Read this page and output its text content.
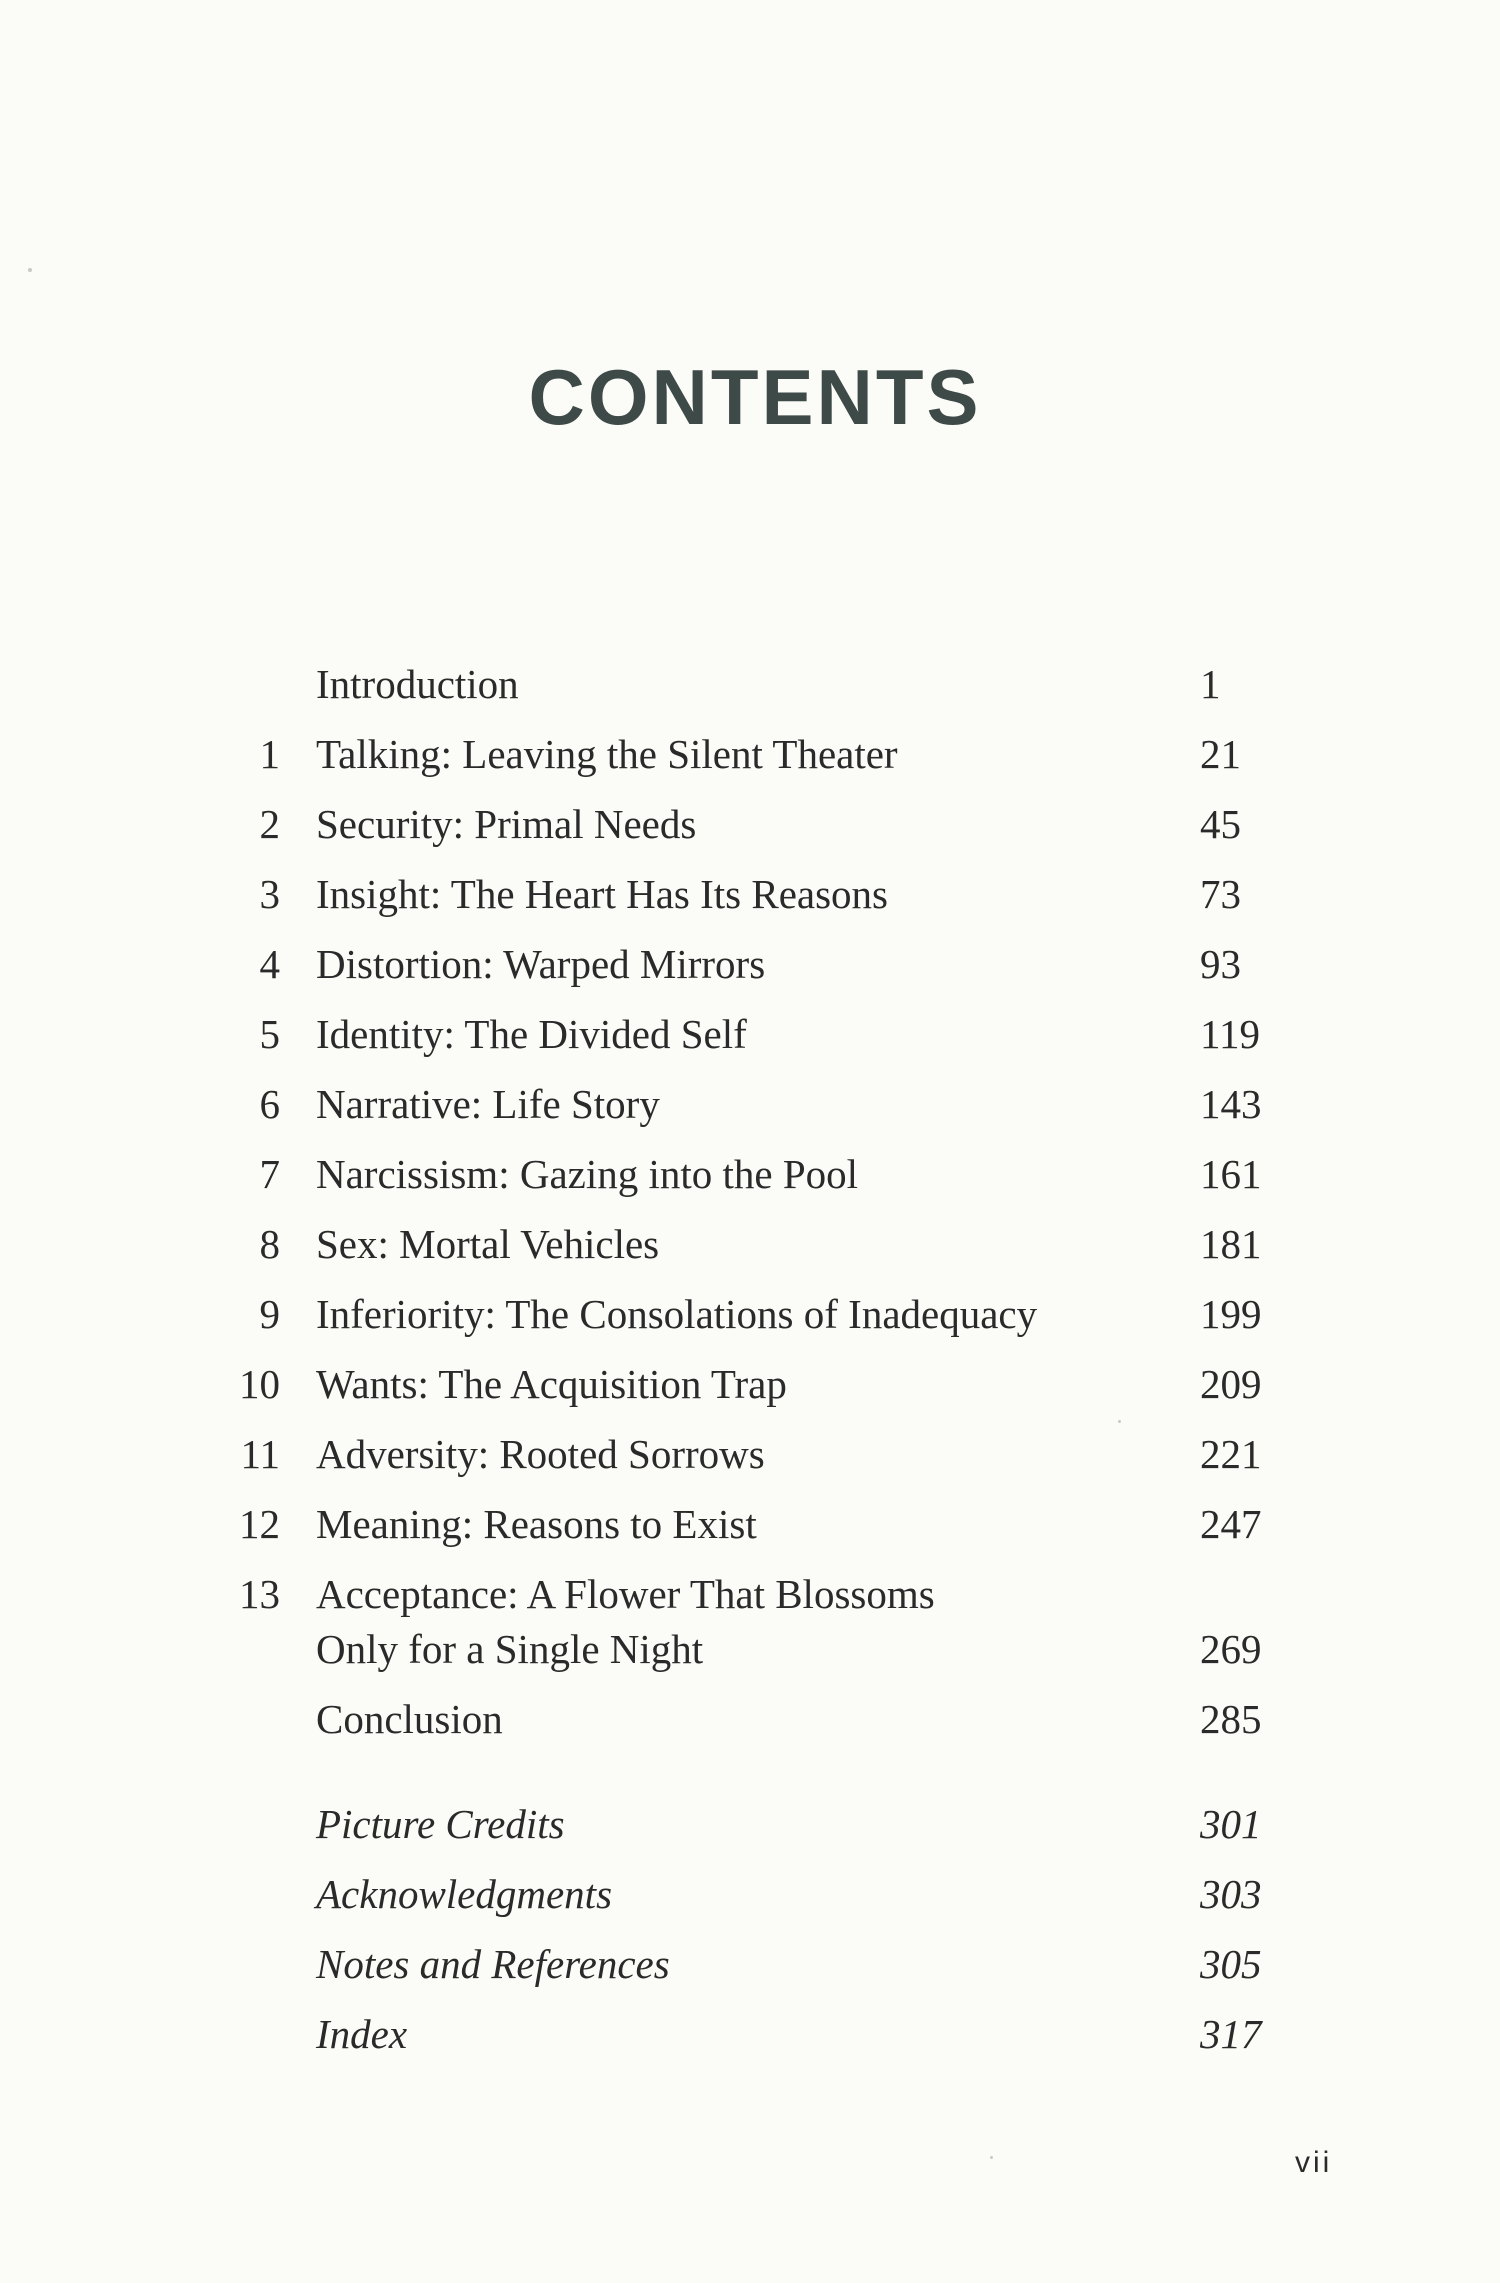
CONTENTS
Introduction	1
1 Talking: Leaving the Silent Theater	21
2 Security: Primal Needs	45
3 Insight: The Heart Has Its Reasons	73
4 Distortion: Warped Mirrors	93
5 Identity: The Divided Self	119
6 Narrative: Life Story	143
7 Narcissism: Gazing into the Pool	161
8 Sex: Mortal Vehicles	181
9 Inferiority: The Consolations of Inadequacy	199
10 Wants: The Acquisition Trap	209
11 Adversity: Rooted Sorrows	221
12 Meaning: Reasons to Exist	247
13 Acceptance: A Flower That Blossoms
Only for a Single Night	269
Conclusion	285
Picture Credits	301
Acknowledgments	303
Notes and References	305
Index	317
vii
